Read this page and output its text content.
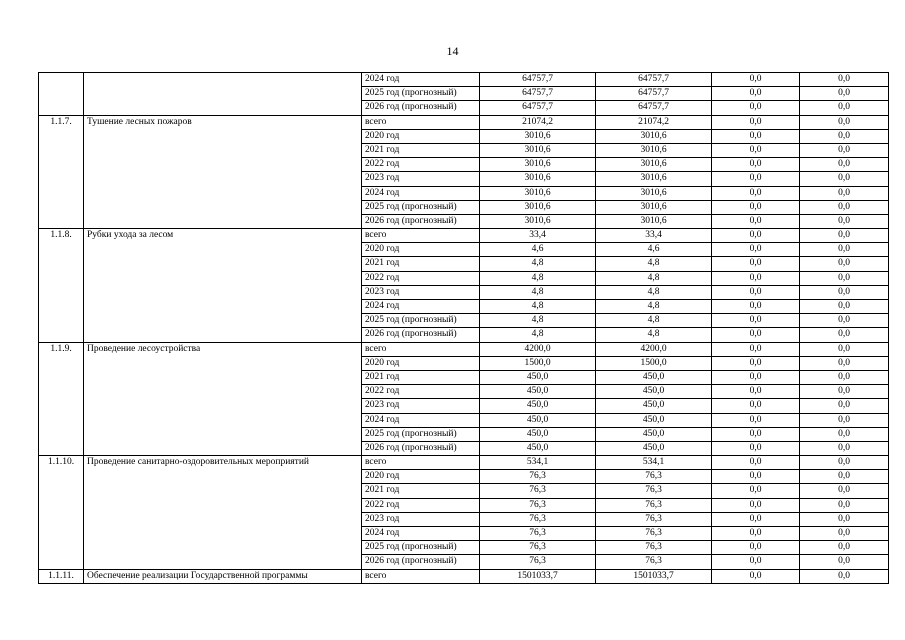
14
		2024 год	64757,7	64757,7	0,0	0,0
		2025 год (прогнозный)	64757,7	64757,7	0,0	0,0
		2026 год (прогнозный)	64757,7	64757,7	0,0	0,0
1.1.7.	Тушение лесных пожаров	всего	21074,2	21074,2	0,0	0,0
		2020 год	3010,6	3010,6	0,0	0,0
		2021 год	3010,6	3010,6	0,0	0,0
		2022 год	3010,6	3010,6	0,0	0,0
		2023 год	3010,6	3010,6	0,0	0,0
		2024 год	3010,6	3010,6	0,0	0,0
		2025 год (прогнозный)	3010,6	3010,6	0,0	0,0
		2026 год (прогнозный)	3010,6	3010,6	0,0	0,0
1.1.8.	Рубки ухода за лесом	всего	33,4	33,4	0,0	0,0
		2020 год	4,6	4,6	0,0	0,0
		2021 год	4,8	4,8	0,0	0,0
		2022 год	4,8	4,8	0,0	0,0
		2023 год	4,8	4,8	0,0	0,0
		2024 год	4,8	4,8	0,0	0,0
		2025 год (прогнозный)	4,8	4,8	0,0	0,0
		2026 год (прогнозный)	4,8	4,8	0,0	0,0
1.1.9.	Проведение лесоустройства	всего	4200,0	4200,0	0,0	0,0
		2020 год	1500,0	1500,0	0,0	0,0
		2021 год	450,0	450,0	0,0	0,0
		2022 год	450,0	450,0	0,0	0,0
		2023 год	450,0	450,0	0,0	0,0
		2024 год	450,0	450,0	0,0	0,0
		2025 год (прогнозный)	450,0	450,0	0,0	0,0
		2026 год (прогнозный)	450,0	450,0	0,0	0,0
1.1.10.	Проведение санитарно-оздоровительных мероприятий	всего	534,1	534,1	0,0	0,0
		2020 год	76,3	76,3	0,0	0,0
		2021 год	76,3	76,3	0,0	0,0
		2022 год	76,3	76,3	0,0	0,0
		2023 год	76,3	76,3	0,0	0,0
		2024 год	76,3	76,3	0,0	0,0
		2025 год (прогнозный)	76,3	76,3	0,0	0,0
		2026 год (прогнозный)	76,3	76,3	0,0	0,0
1.1.11.	Обеспечение реализации Государственной программы	всего	1501033,7	1501033,7	0,0	0,0
